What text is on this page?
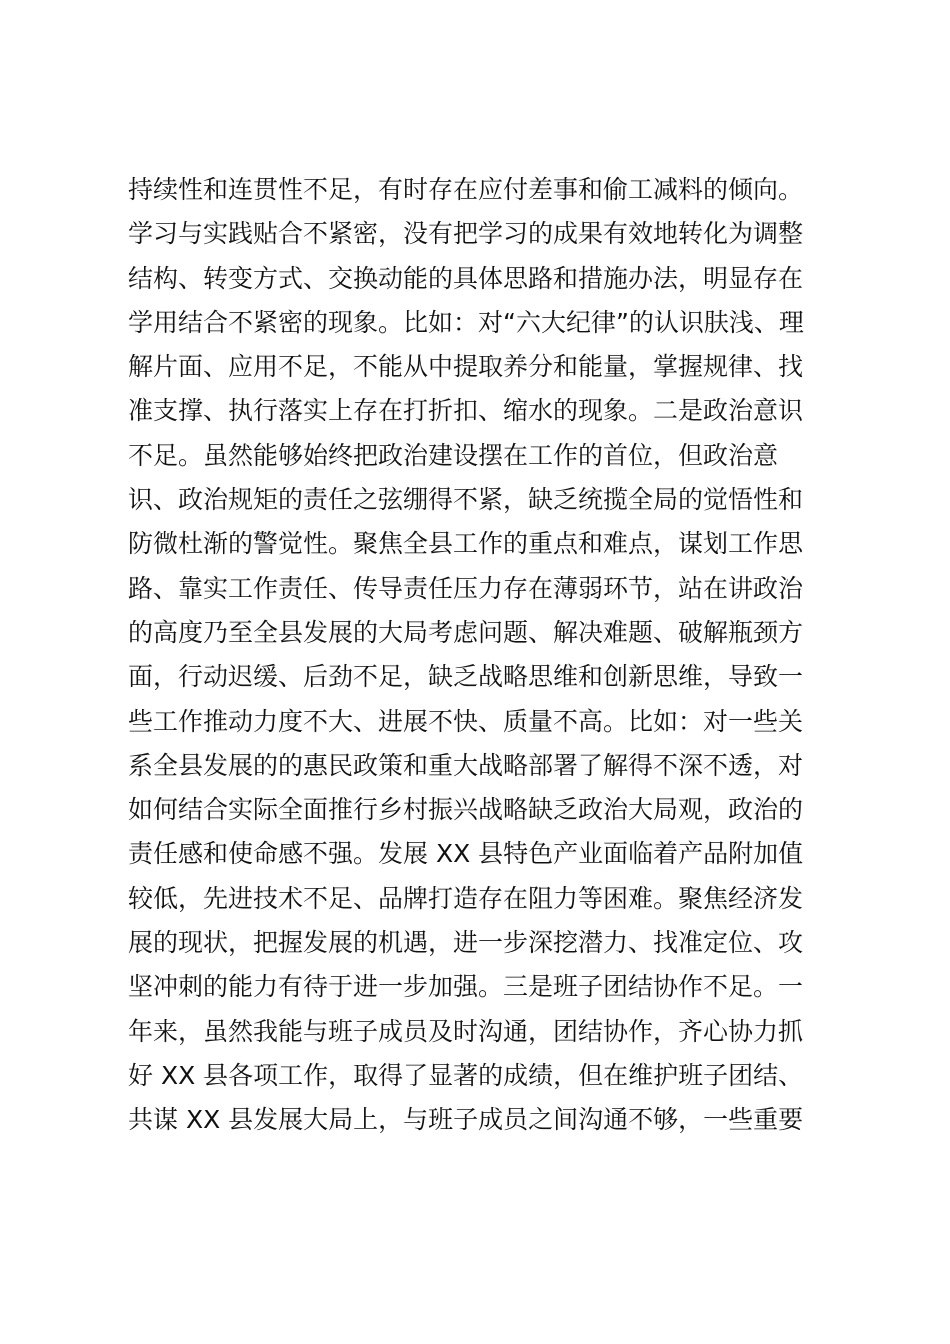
持续性和连贯性不足，有时存在应付差事和偷工减料的倾向。
学习与实践贴合不紧密，没有把学习的成果有效地转化为调整
结构、转变方式、交换动能的具体思路和措施办法，明显存在
学用结合不紧密的现象。比如：对“六大纪律”的认识肤浅、理
解片面、应用不足，不能从中提取养分和能量，掌握规律、找
准支撑、执行落实上存在打折扣、缩水的现象。二是政治意识
不足。虽然能够始终把政治建设摆在工作的首位，但政治意
识、政治规矩的责任之弦绷得不紧，缺乏统揽全局的觉悟性和
防微杜渐的警觉性。聚焦全县工作的重点和难点，谋划工作思
路、靠实工作责任、传导责任压力存在薄弱环节，站在讲政治
的高度乃至全县发展的大局考虑问题、解决难题、破解瓶颈方
面，行动迟缓、后劲不足，缺乏战略思维和创新思维，导致一
些工作推动力度不大、进展不快、质量不高。比如：对一些关
系全县发展的的惠民政策和重大战略部署了解得不深不透，对
如何结合实际全面推行乡村振兴战略缺乏政治大局观，政治的
责任感和使命感不强。发展 XX 县特色产业面临着产品附加值
较低，先进技术不足、品牌打造存在阻力等困难。聚焦经济发
展的现状，把握发展的机遇，进一步深挖潜力、找准定位、攻
坚冲刺的能力有待于进一步加强。三是班子团结协作不足。一
年来，虽然我能与班子成员及时沟通，团结协作，齐心协力抓
好 XX 县各项工作，取得了显著的成绩，但在维护班子团结、
共谋 XX 县发展大局上，与班子成员之间沟通不够，一些重要
